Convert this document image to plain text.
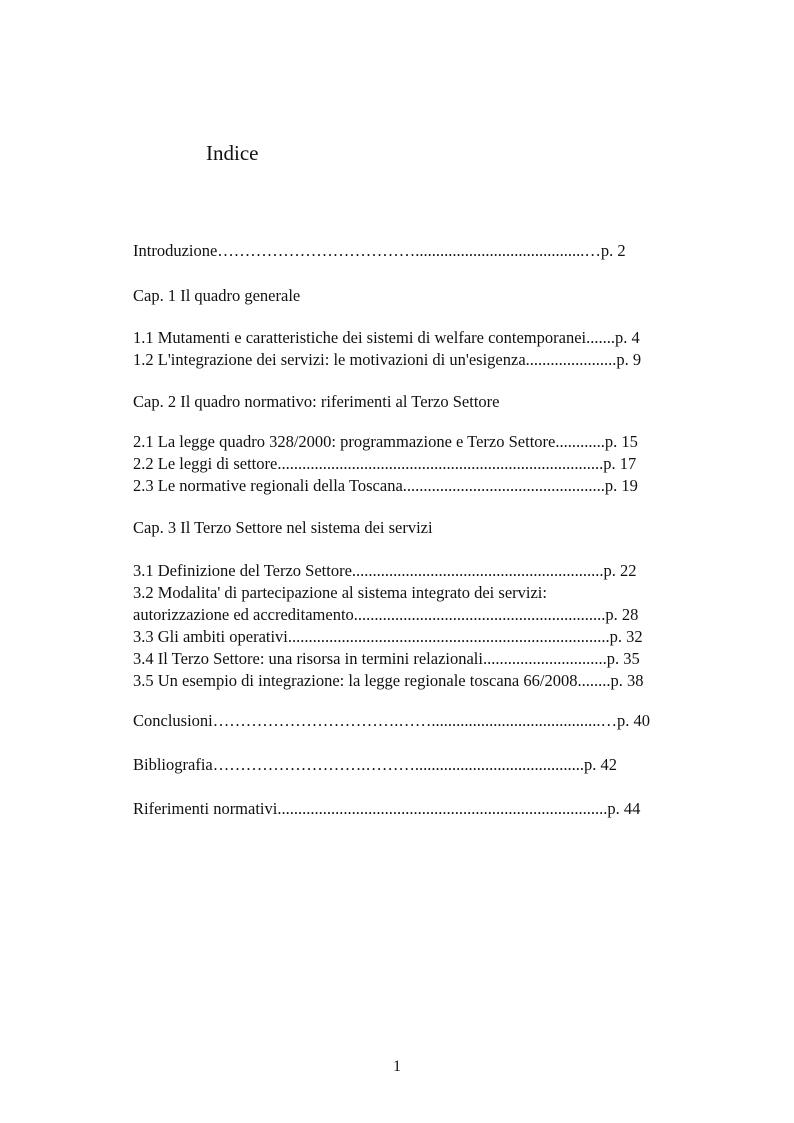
Indice
Introduzione……………………………….........................................…p. 2
Cap. 1 Il quadro generale
1.1 Mutamenti e caratteristiche dei sistemi di welfare contemporanei.......p. 4
1.2 L'integrazione dei servizi: le motivazioni di un'esigenza......................p. 9
Cap. 2 Il quadro normativo: riferimenti al Terzo Settore
2.1 La legge quadro 328/2000: programmazione e Terzo Settore............p. 15
2.2 Le leggi di settore...............................................................................p. 17
2.3 Le normative regionali della Toscana.................................................p. 19
Cap. 3 Il Terzo Settore nel sistema dei servizi
3.1 Definizione del Terzo Settore.............................................................p. 22
3.2 Modalita' di partecipazione al sistema integrato dei servizi:
autorizzazione ed accreditamento.............................................................p. 28
3.3 Gli ambiti operativi..............................................................................p. 32
3.4 Il Terzo Settore: una risorsa in termini relazionali..............................p. 35
3.5 Un esempio di integrazione: la legge regionale toscana 66/2008........p. 38
Conclusioni…………………………….…….........................................…p. 40
Bibliografia……………………….……….........................................p. 42
Riferimenti normativi................................................................................p. 44
1
